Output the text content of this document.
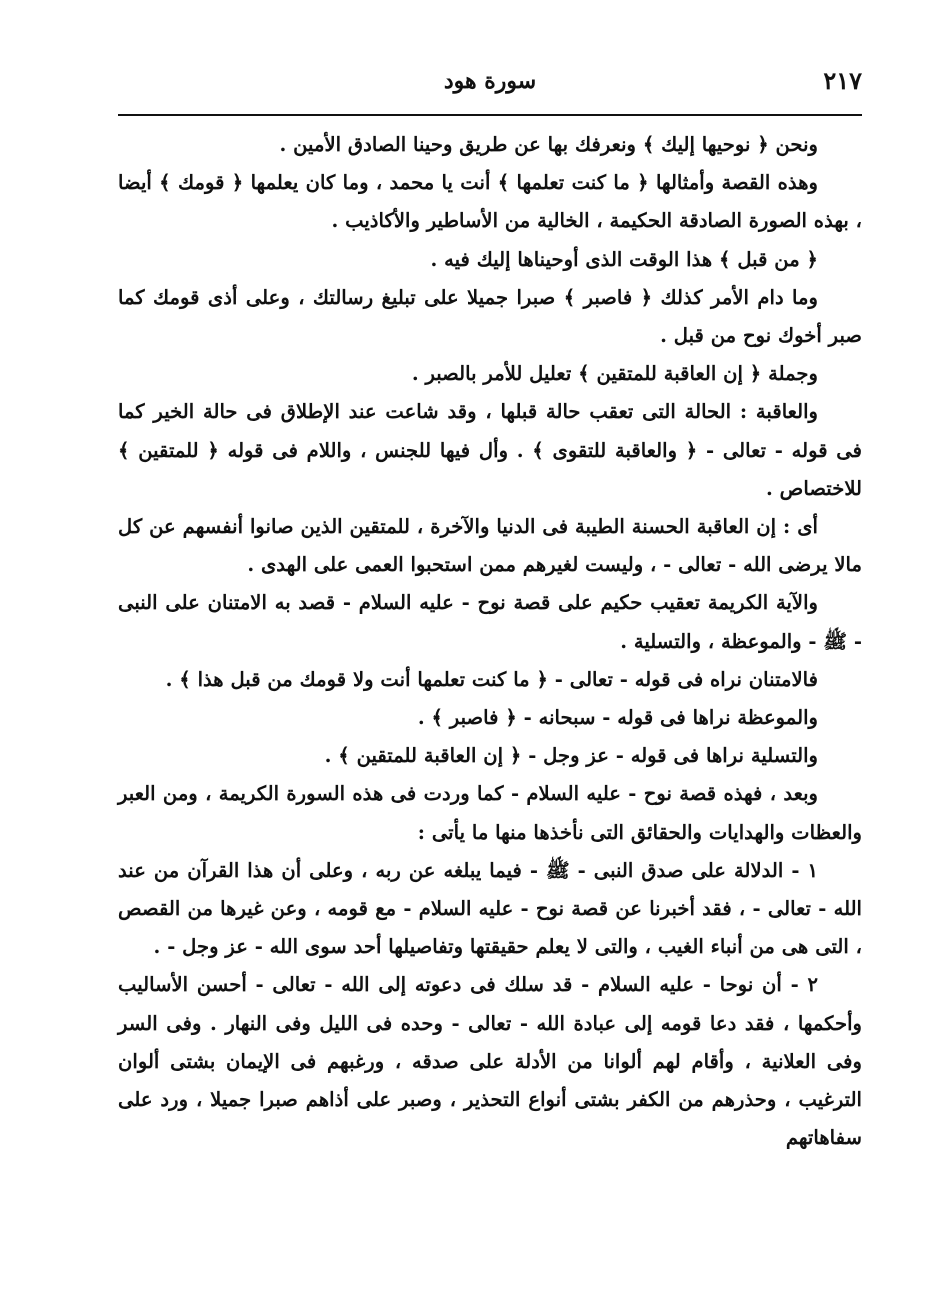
٢١٧
سورة هود

ونحن ﴿ نوحيها إليك ﴾ ونعرفك بها عن طريق وحينا الصادق الأمين .

وهذه القصة وأمثالها ﴿ ما كنت تعلمها ﴾ أنت يا محمد ، وما كان يعلمها ﴿ قومك ﴾ أيضا ، بهذه الصورة الصادقة الحكيمة ، الخالية من الأساطير والأكاذيب .

﴿ من قبل ﴾ هذا الوقت الذى أوحيناها إليك فيه .

وما دام الأمر كذلك ﴿ فاصبر ﴾ صبرا جميلا على تبليغ رسالتك ، وعلى أذى قومك كما صبر أخوك نوح من قبل .

وجملة ﴿ إن العاقبة للمتقين ﴾ تعليل للأمر بالصبر .

والعاقبة : الحالة التى تعقب حالة قبلها ، وقد شاعت عند الإطلاق فى حالة الخير كما فى قوله - تعالى - ﴿ والعاقبة للتقوى ﴾ . وأل فيها للجنس ، واللام فى قوله ﴿ للمتقين ﴾ للاختصاص .

أى : إن العاقبة الحسنة الطيبة فى الدنيا والآخرة ، للمتقين الذين صانوا أنفسهم عن كل مالا يرضى الله - تعالى - ، وليست لغيرهم ممن استحبوا العمى على الهدى .

والآية الكريمة تعقيب حكيم على قصة نوح - عليه السلام - قصد به الامتنان على النبى - ﷺ - والموعظة ، والتسلية .

فالامتنان نراه فى قوله - تعالى - ﴿ ما كنت تعلمها أنت ولا قومك من قبل هذا ﴾ .

والموعظة نراها فى قوله - سبحانه - ﴿ فاصبر ﴾ .

والتسلية نراها فى قوله - عز وجل - ﴿ إن العاقبة للمتقين ﴾ .

وبعد ، فهذه قصة نوح - عليه السلام - كما وردت فى هذه السورة الكريمة ، ومن العبر والعظات والهدايات والحقائق التى نأخذها منها ما يأتى :

١ - الدلالة على صدق النبى - ﷺ - فيما يبلغه عن ربه ، وعلى أن هذا القرآن من عند الله - تعالى - ، فقد أخبرنا عن قصة نوح - عليه السلام - مع قومه ، وعن غيرها من القصص ، التى هى من أنباء الغيب ، والتى لا يعلم حقيقتها وتفاصيلها أحد سوى الله - عز وجل - .

٢ - أن نوحا - عليه السلام - قد سلك فى دعوته إلى الله - تعالى - أحسن الأساليب وأحكمها ، فقد دعا قومه إلى عبادة الله - تعالى - وحده فى الليل وفى النهار . وفى السر وفى العلانية ، وأقام لهم ألوانا من الأدلة على صدقه ، ورغبهم فى الإيمان بشتى ألوان الترغيب ، وحذرهم من الكفر بشتى أنواع التحذير ، وصبر على أذاهم صبرا جميلا ، ورد على سفاهاتهم
